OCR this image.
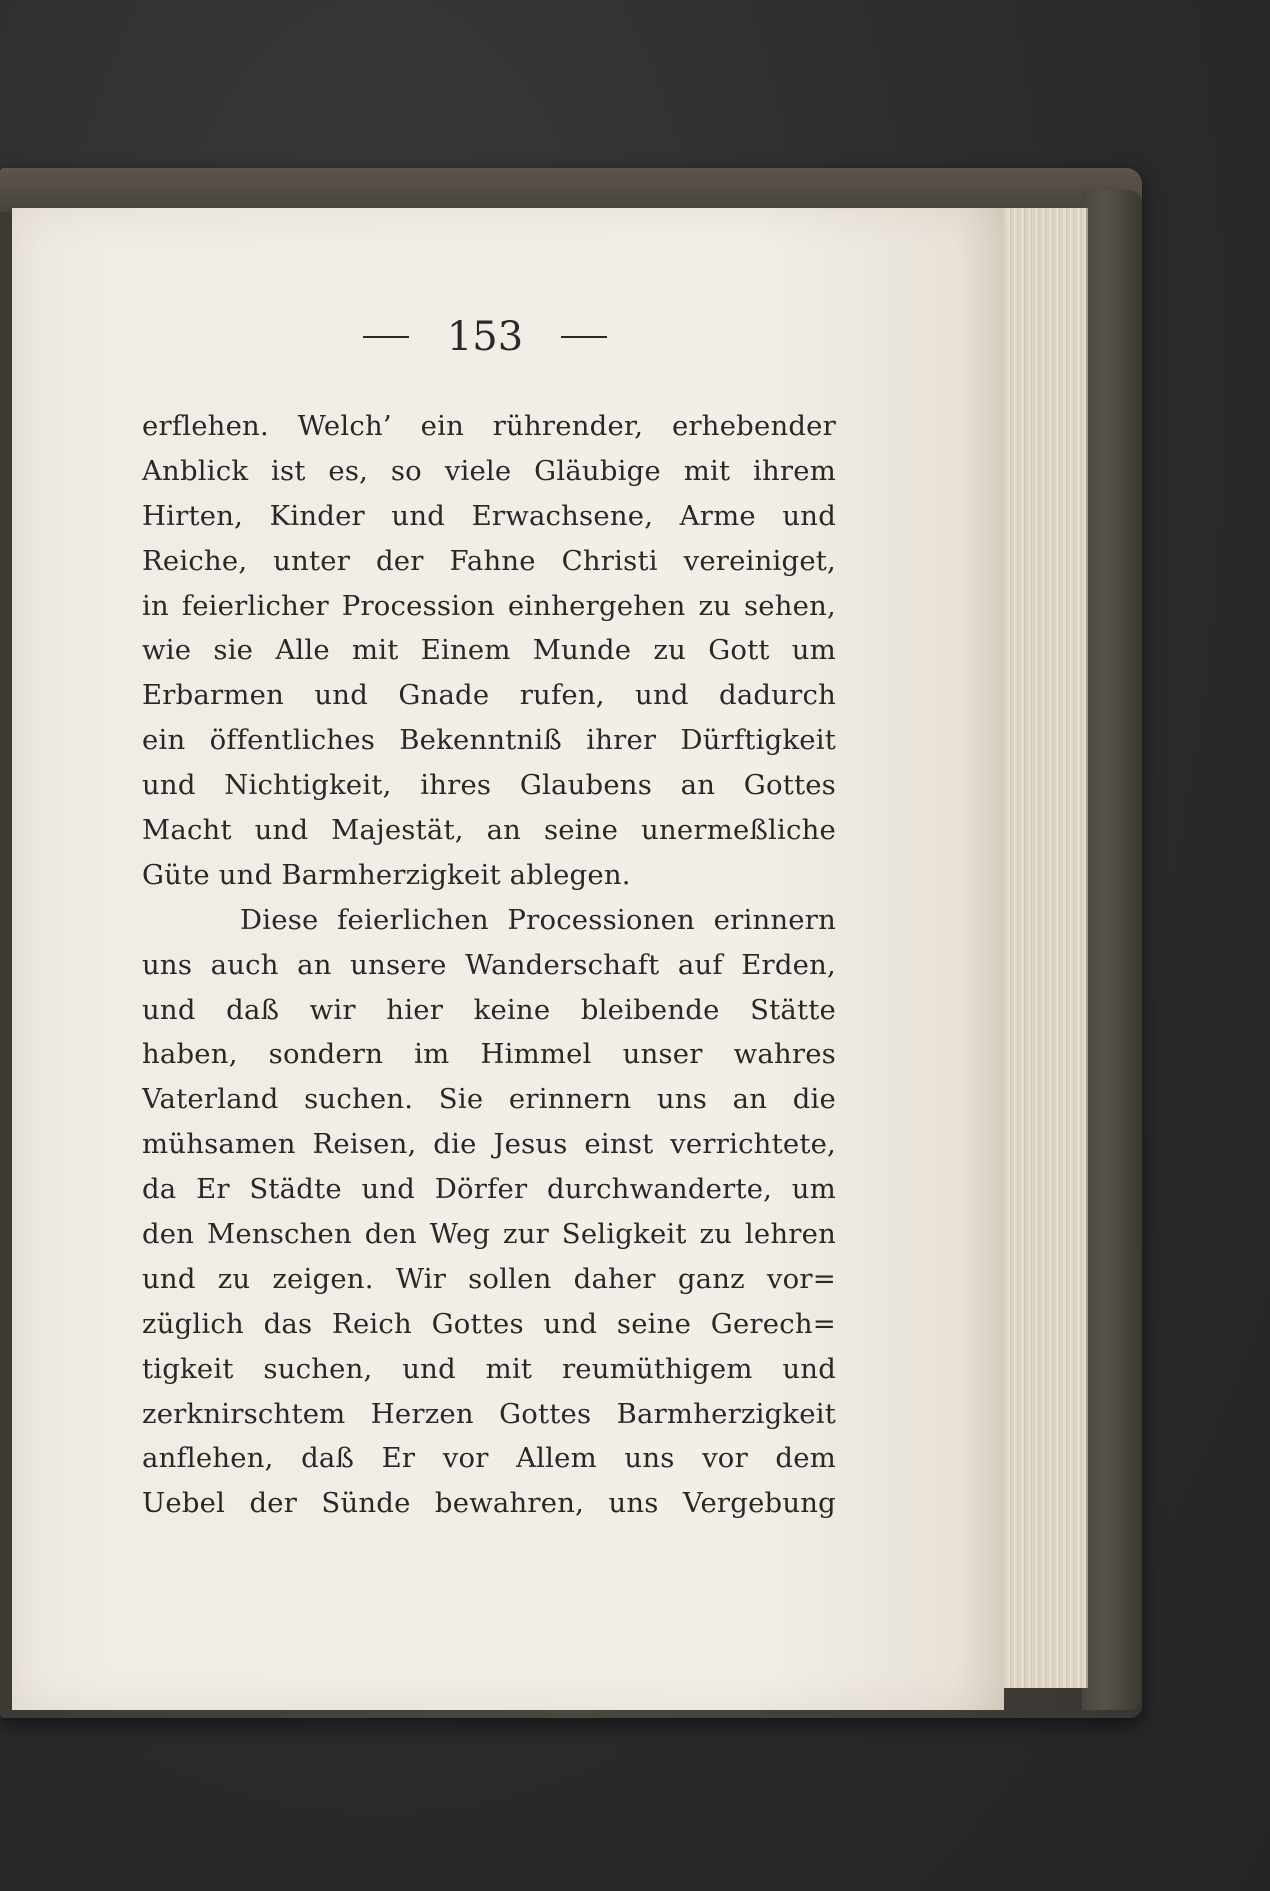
153
erflehen. Welch’ ein rührender, erhebender
Anblick ist es, so viele Gläubige mit ihrem
Hirten, Kinder und Erwachsene, Arme und
Reiche, unter der Fahne Christi vereiniget,
in feierlicher Procession einhergehen zu sehen,
wie sie Alle mit Einem Munde zu Gott um
Erbarmen und Gnade rufen, und dadurch
ein öffentliches Bekenntniß ihrer Dürftigkeit
und Nichtigkeit, ihres Glaubens an Gottes
Macht und Majestät, an seine unermeßliche
Güte und Barmherzigkeit ablegen.
Diese feierlichen Processionen erinnern
uns auch an unsere Wanderschaft auf Erden,
und daß wir hier keine bleibende Stätte
haben, sondern im Himmel unser wahres
Vaterland suchen. Sie erinnern uns an die
mühsamen Reisen, die Jesus einst verrichtete,
da Er Städte und Dörfer durchwanderte, um
den Menschen den Weg zur Seligkeit zu lehren
und zu zeigen. Wir sollen daher ganz vor=
züglich das Reich Gottes und seine Gerech=
tigkeit suchen, und mit reumüthigem und
zerknirschtem Herzen Gottes Barmherzigkeit
anflehen, daß Er vor Allem uns vor dem
Uebel der Sünde bewahren, uns Vergebung
